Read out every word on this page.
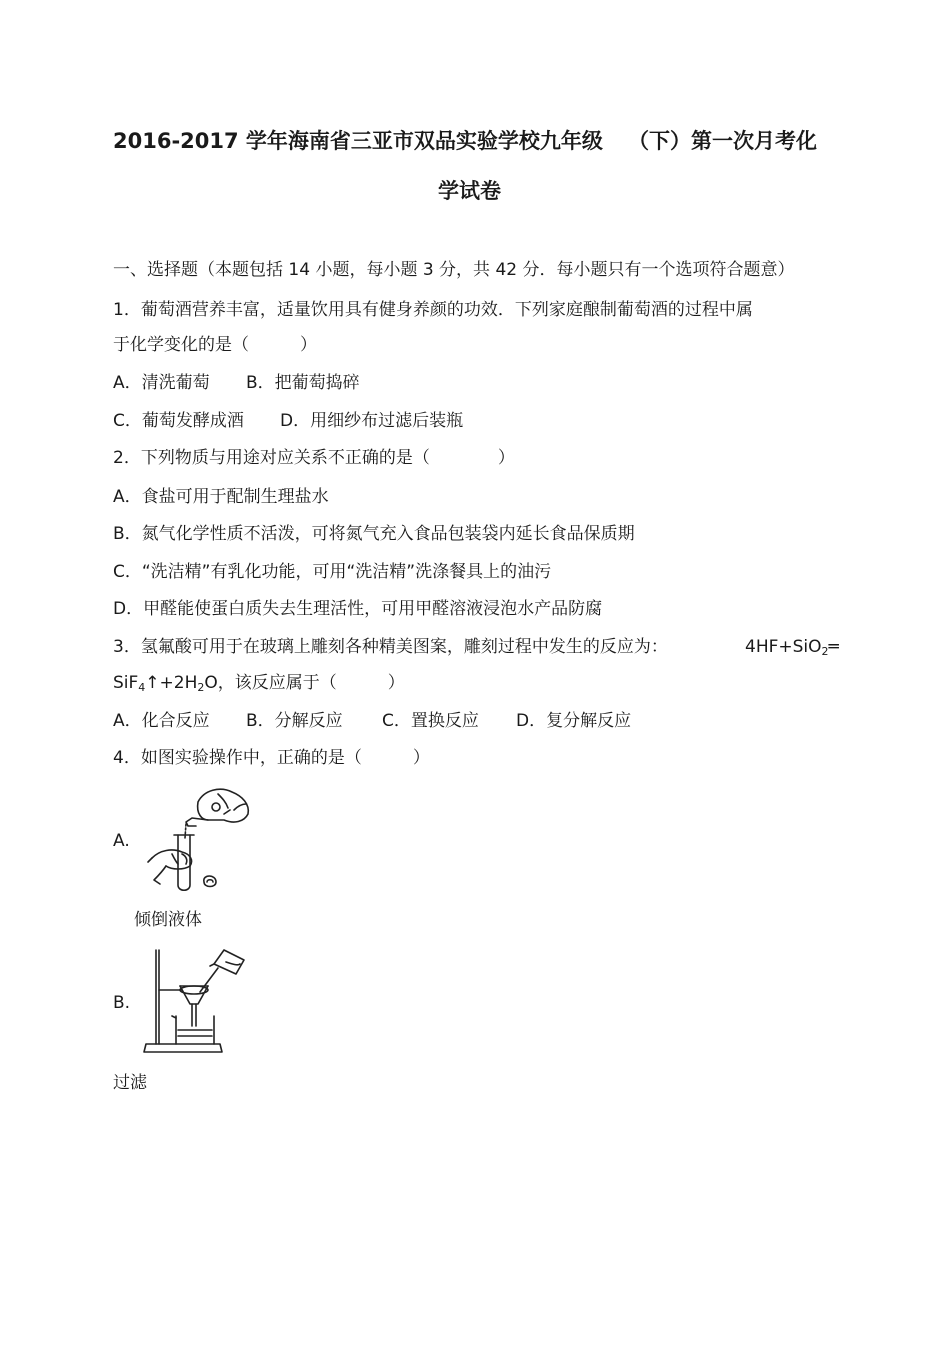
2016-2017 学年海南省三亚市双品实验学校九年级 （下）第一次月考化
学试卷
一、选择题（本题包括 14 小题，每小题 3 分，共 42 分．每小题只有一个选项符合题意）
1．葡萄酒营养丰富，适量饮用具有健身养颜的功效．下列家庭酿制葡萄酒的过程中属
于化学变化的是（　　　）
A．清洗葡萄 B．把葡萄捣碎
C．葡萄发酵成酒 D．用细纱布过滤后装瓶
2．下列物质与用途对应关系不正确的是（　　　　）
A．食盐可用于配制生理盐水
B．氮气化学性质不活泼，可将氮气充入食品包装袋内延长食品保质期
C．“洗洁精”有乳化功能，可用“洗洁精”洗涤餐具上的油污
D．甲醛能使蛋白质失去生理活性，可用甲醛溶液浸泡水产品防腐
3．氢氟酸可用于在玻璃上雕刻各种精美图案，雕刻过程中发生的反应为：	4HF+SiO$_2$═
$SiF_4↑+2H_2O$，该反应属于（　　　）
A．化合反应 B．分解反应 C．置换反应 D．复分解反应
4．如图实验操作中，正确的是（　　　）
A.
倾倒液体
B.
过滤
